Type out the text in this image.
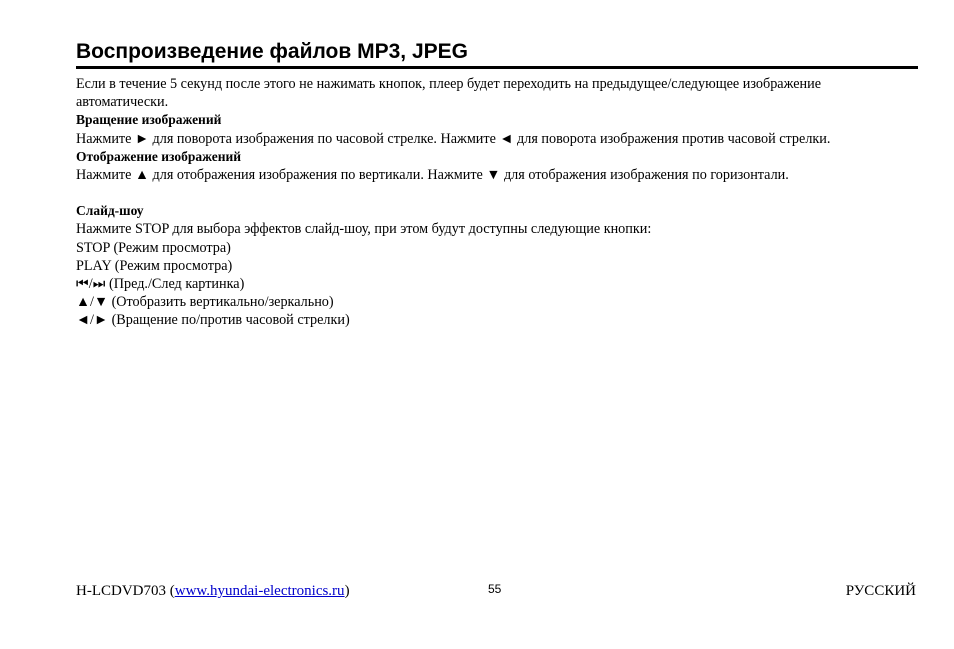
Воспроизведение файлов MP3, JPEG

Если в течение 5 секунд после этого не нажимать кнопок, плеер будет переходить на предыдущее/следующее изображение автоматически.

Вращение изображений

Нажмите ► для поворота изображения по часовой стрелке. Нажмите ◄ для поворота изображения против часовой стрелки.

Отображение изображений

Нажмите ▲ для отображения изображения по вертикали. Нажмите ▼ для отображения изображения по горизонтали.

Слайд-шоу

Нажмите STOP для выбора эффектов слайд-шоу, при этом будут доступны следующие кнопки:

STOP (Режим просмотра)

PLAY (Режим просмотра)

⏮/⏭ (Пред./След картинка)

▲/▼ (Отобразить вертикально/зеркально)

◄/► (Вращение по/против часовой стрелки)

H-LCDVD703 (www.hyundai-electronics.ru)	55	РУССКИЙ
